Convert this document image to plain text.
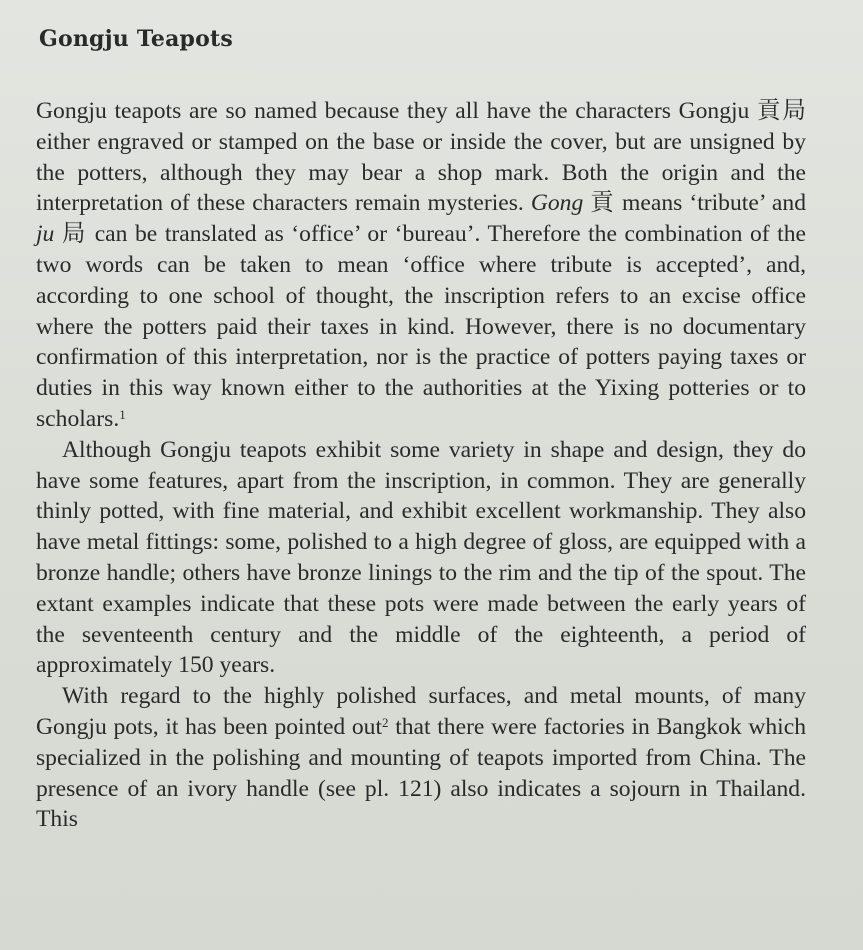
Gongju Teapots

Gongju teapots are so named because they all have the characters Gongju 貢局 either engraved or stamped on the base or inside the cover, but are unsigned by the potters, although they may bear a shop mark. Both the origin and the interpretation of these characters remain mysteries. Gong 貢 means ‘tribute’ and ju 局 can be translated as ‘office’ or ‘bureau’. Therefore the combination of the two words can be taken to mean ‘office where tribute is accepted’, and, according to one school of thought, the inscription refers to an excise office where the potters paid their taxes in kind. However, there is no documentary confirmation of this interpretation, nor is the practice of potters paying taxes or duties in this way known either to the authorities at the Yixing potteries or to scholars.$^1$

Although Gongju teapots exhibit some variety in shape and design, they do have some features, apart from the inscription, in common. They are generally thinly potted, with fine material, and exhibit excellent workmanship. They also have metal fittings: some, polished to a high degree of gloss, are equipped with a bronze handle; others have bronze linings to the rim and the tip of the spout. The extant examples indicate that these pots were made between the early years of the seventeenth century and the middle of the eighteenth, a period of approximately 150 years.

With regard to the highly polished surfaces, and metal mounts, of many Gongju pots, it has been pointed out$^2$ that there were factories in Bangkok which specialized in the polishing and mounting of teapots imported from China. The presence of an ivory handle (see pl. 121) also indicates a sojourn in Thailand. This
